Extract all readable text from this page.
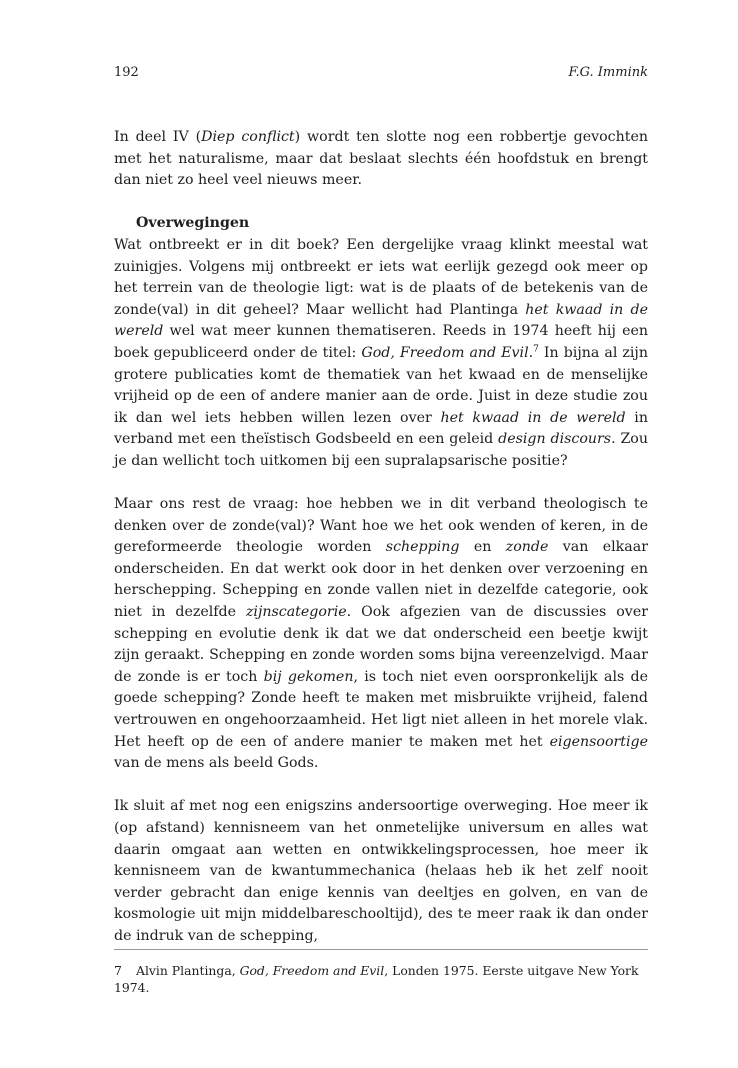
192	F.G. Immink

In deel IV (Diep conflict) wordt ten slotte nog een robbertje gevochten met het naturalisme, maar dat beslaat slechts één hoofdstuk en brengt dan niet zo heel veel nieuws meer.

Overwegingen

Wat ontbreekt er in dit boek? Een dergelijke vraag klinkt meestal wat zuinigjes. Volgens mij ontbreekt er iets wat eerlijk gezegd ook meer op het terrein van de theologie ligt: wat is de plaats of de betekenis van de zonde(val) in dit geheel? Maar wellicht had Plantinga het kwaad in de wereld wel wat meer kunnen thematiseren. Reeds in 1974 heeft hij een boek gepubliceerd onder de titel: God, Freedom and Evil.$^7$ In bijna al zijn grotere publicaties komt de thematiek van het kwaad en de menselijke vrijheid op de een of andere manier aan de orde. Juist in deze studie zou ik dan wel iets hebben willen lezen over het kwaad in de wereld in verband met een theïstisch Godsbeeld en een geleid design discours. Zou je dan wellicht toch uitkomen bij een supralapsarische positie?

Maar ons rest de vraag: hoe hebben we in dit verband theologisch te denken over de zonde(val)? Want hoe we het ook wenden of keren, in de gereformeerde theologie worden schepping en zonde van elkaar onderscheiden. En dat werkt ook door in het denken over verzoening en herschepping. Schepping en zonde vallen niet in dezelfde categorie, ook niet in dezelfde zijnscategorie. Ook afgezien van de discussies over schepping en evolutie denk ik dat we dat onderscheid een beetje kwijt zijn geraakt. Schepping en zonde worden soms bijna vereenzelvigd. Maar de zonde is er toch bij gekomen, is toch niet even oorspronkelijk als de goede schepping? Zonde heeft te maken met misbruikte vrijheid, falend vertrouwen en ongehoorzaamheid. Het ligt niet alleen in het morele vlak. Het heeft op de een of andere manier te maken met het eigensoortige van de mens als beeld Gods.

Ik sluit af met nog een enigszins andersoortige overweging. Hoe meer ik (op afstand) kennisneem van het onmetelijke universum en alles wat daarin omgaat aan wetten en ontwikkelingsprocessen, hoe meer ik kennisneem van de kwantummechanica (helaas heb ik het zelf nooit verder gebracht dan enige kennis van deeltjes en golven, en van de kosmologie uit mijn middelbareschooltijd), des te meer raak ik dan onder de indruk van de schepping,

7 Alvin Plantinga, God, Freedom and Evil, Londen 1975. Eerste uitgave New York 1974.
